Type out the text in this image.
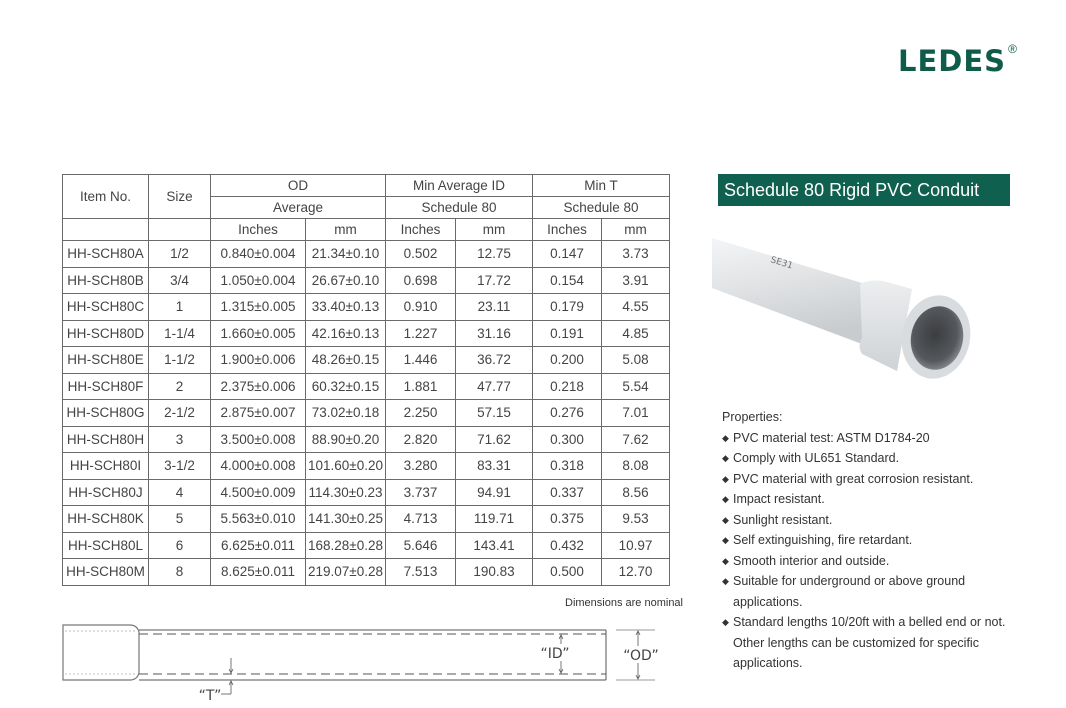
LEDES ®
Item No.	Size	OD		Min Average ID		Min T	
		Average		Schedule 80		Schedule 80	
		Inches	mm	Inches	mm	Inches	mm
HH-SCH80A	1/2	0.840±0.004	21.34±0.10	0.502	12.75	0.147	3.73
HH-SCH80B	3/4	1.050±0.004	26.67±0.10	0.698	17.72	0.154	3.91
HH-SCH80C	1	1.315±0.005	33.40±0.13	0.910	23.11	0.179	4.55
HH-SCH80D	1-1/4	1.660±0.005	42.16±0.13	1.227	31.16	0.191	4.85
HH-SCH80E	1-1/2	1.900±0.006	48.26±0.15	1.446	36.72	0.200	5.08
HH-SCH80F	2	2.375±0.006	60.32±0.15	1.881	47.77	0.218	5.54
HH-SCH80G	2-1/2	2.875±0.007	73.02±0.18	2.250	57.15	0.276	7.01
HH-SCH80H	3	3.500±0.008	88.90±0.20	2.820	71.62	0.300	7.62
HH-SCH80I	3-1/2	4.000±0.008	101.60±0.20	3.280	83.31	0.318	8.08
HH-SCH80J	4	4.500±0.009	114.30±0.23	3.737	94.91	0.337	8.56
HH-SCH80K	5	5.563±0.010	141.30±0.25	4.713	119.71	0.375	9.53
HH-SCH80L	6	6.625±0.011	168.28±0.28	5.646	143.41	0.432	10.97
HH-SCH80M	8	8.625±0.011	219.07±0.28	7.513	190.83	0.500	12.70
Dimensions are nominal
Schedule 80 Rigid PVC Conduit
SE31
Properties:
◆ PVC material test: ASTM D1784-20
◆ Comply with UL651 Standard.
◆ PVC material with great corrosion resistant.
◆ Impact resistant.
◆ Sunlight resistant.
◆ Self extinguishing, fire retardant.
◆ Smooth interior and outside.
◆ Suitable for underground or above ground applications.
◆ Standard lengths 10/20ft with a belled end or not. Other lengths can be customized for specific applications.
“ID”	“OD”
“T”
